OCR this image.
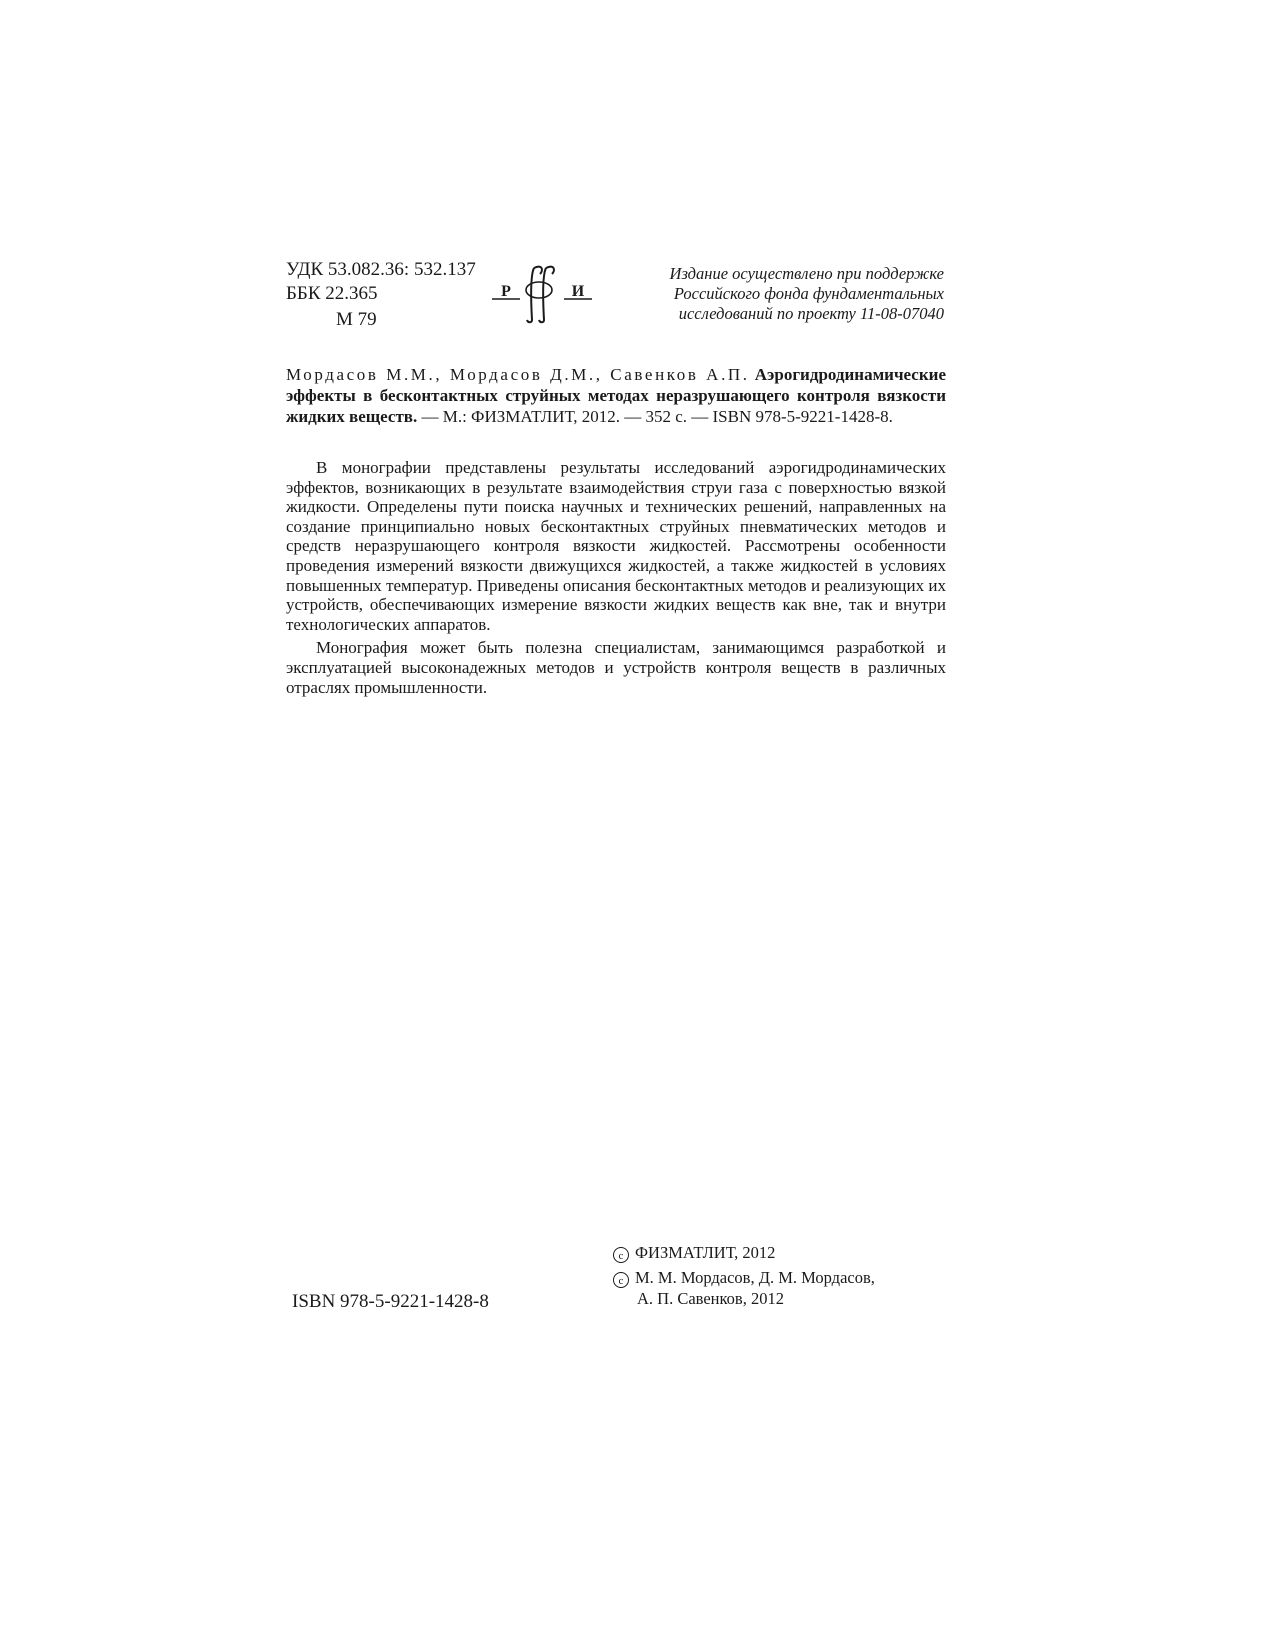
УДК 53.082.36: 532.137
ББК 22.365
М 79
Р	И
Издание осуществлено при поддержке
Российского фонда фундаментальных
исследований по проекту 11-08-07040
Мордасов М.М., Мордасов Д.М., Савенков А.П. Аэрогидродинамические эффекты в бесконтактных струйных методах неразрушающего контроля вязкости жидких веществ. — М.: ФИЗМАТЛИТ, 2012. — 352 с. — ISBN 978-5-9221-1428-8.

В монографии представлены результаты исследований аэрогидродинамических эффектов, возникающих в результате взаимодействия струи газа с поверхностью вязкой жидкости. Определены пути поиска научных и технических решений, направленных на создание принципиально новых бесконтактных струйных пневматических методов и средств неразрушающего контроля вязкости жидкостей. Рассмотрены особенности проведения измерений вязкости движущихся жидкостей, а также жидкостей в условиях повышенных температур. Приведены описания бесконтактных методов и реализующих их устройств, обеспечивающих измерение вязкости жидких веществ как вне, так и внутри технологических аппаратов.

Монография может быть полезна специалистам, занимающимся разработкой и эксплуатацией высоконадежных методов и устройств контроля веществ в различных отраслях промышленности.

ISBN 978-5-9221-1428-8
c ФИЗМАТЛИТ, 2012
c М. М. Мордасов, Д. М. Мордасов,
А. П. Савенков, 2012
